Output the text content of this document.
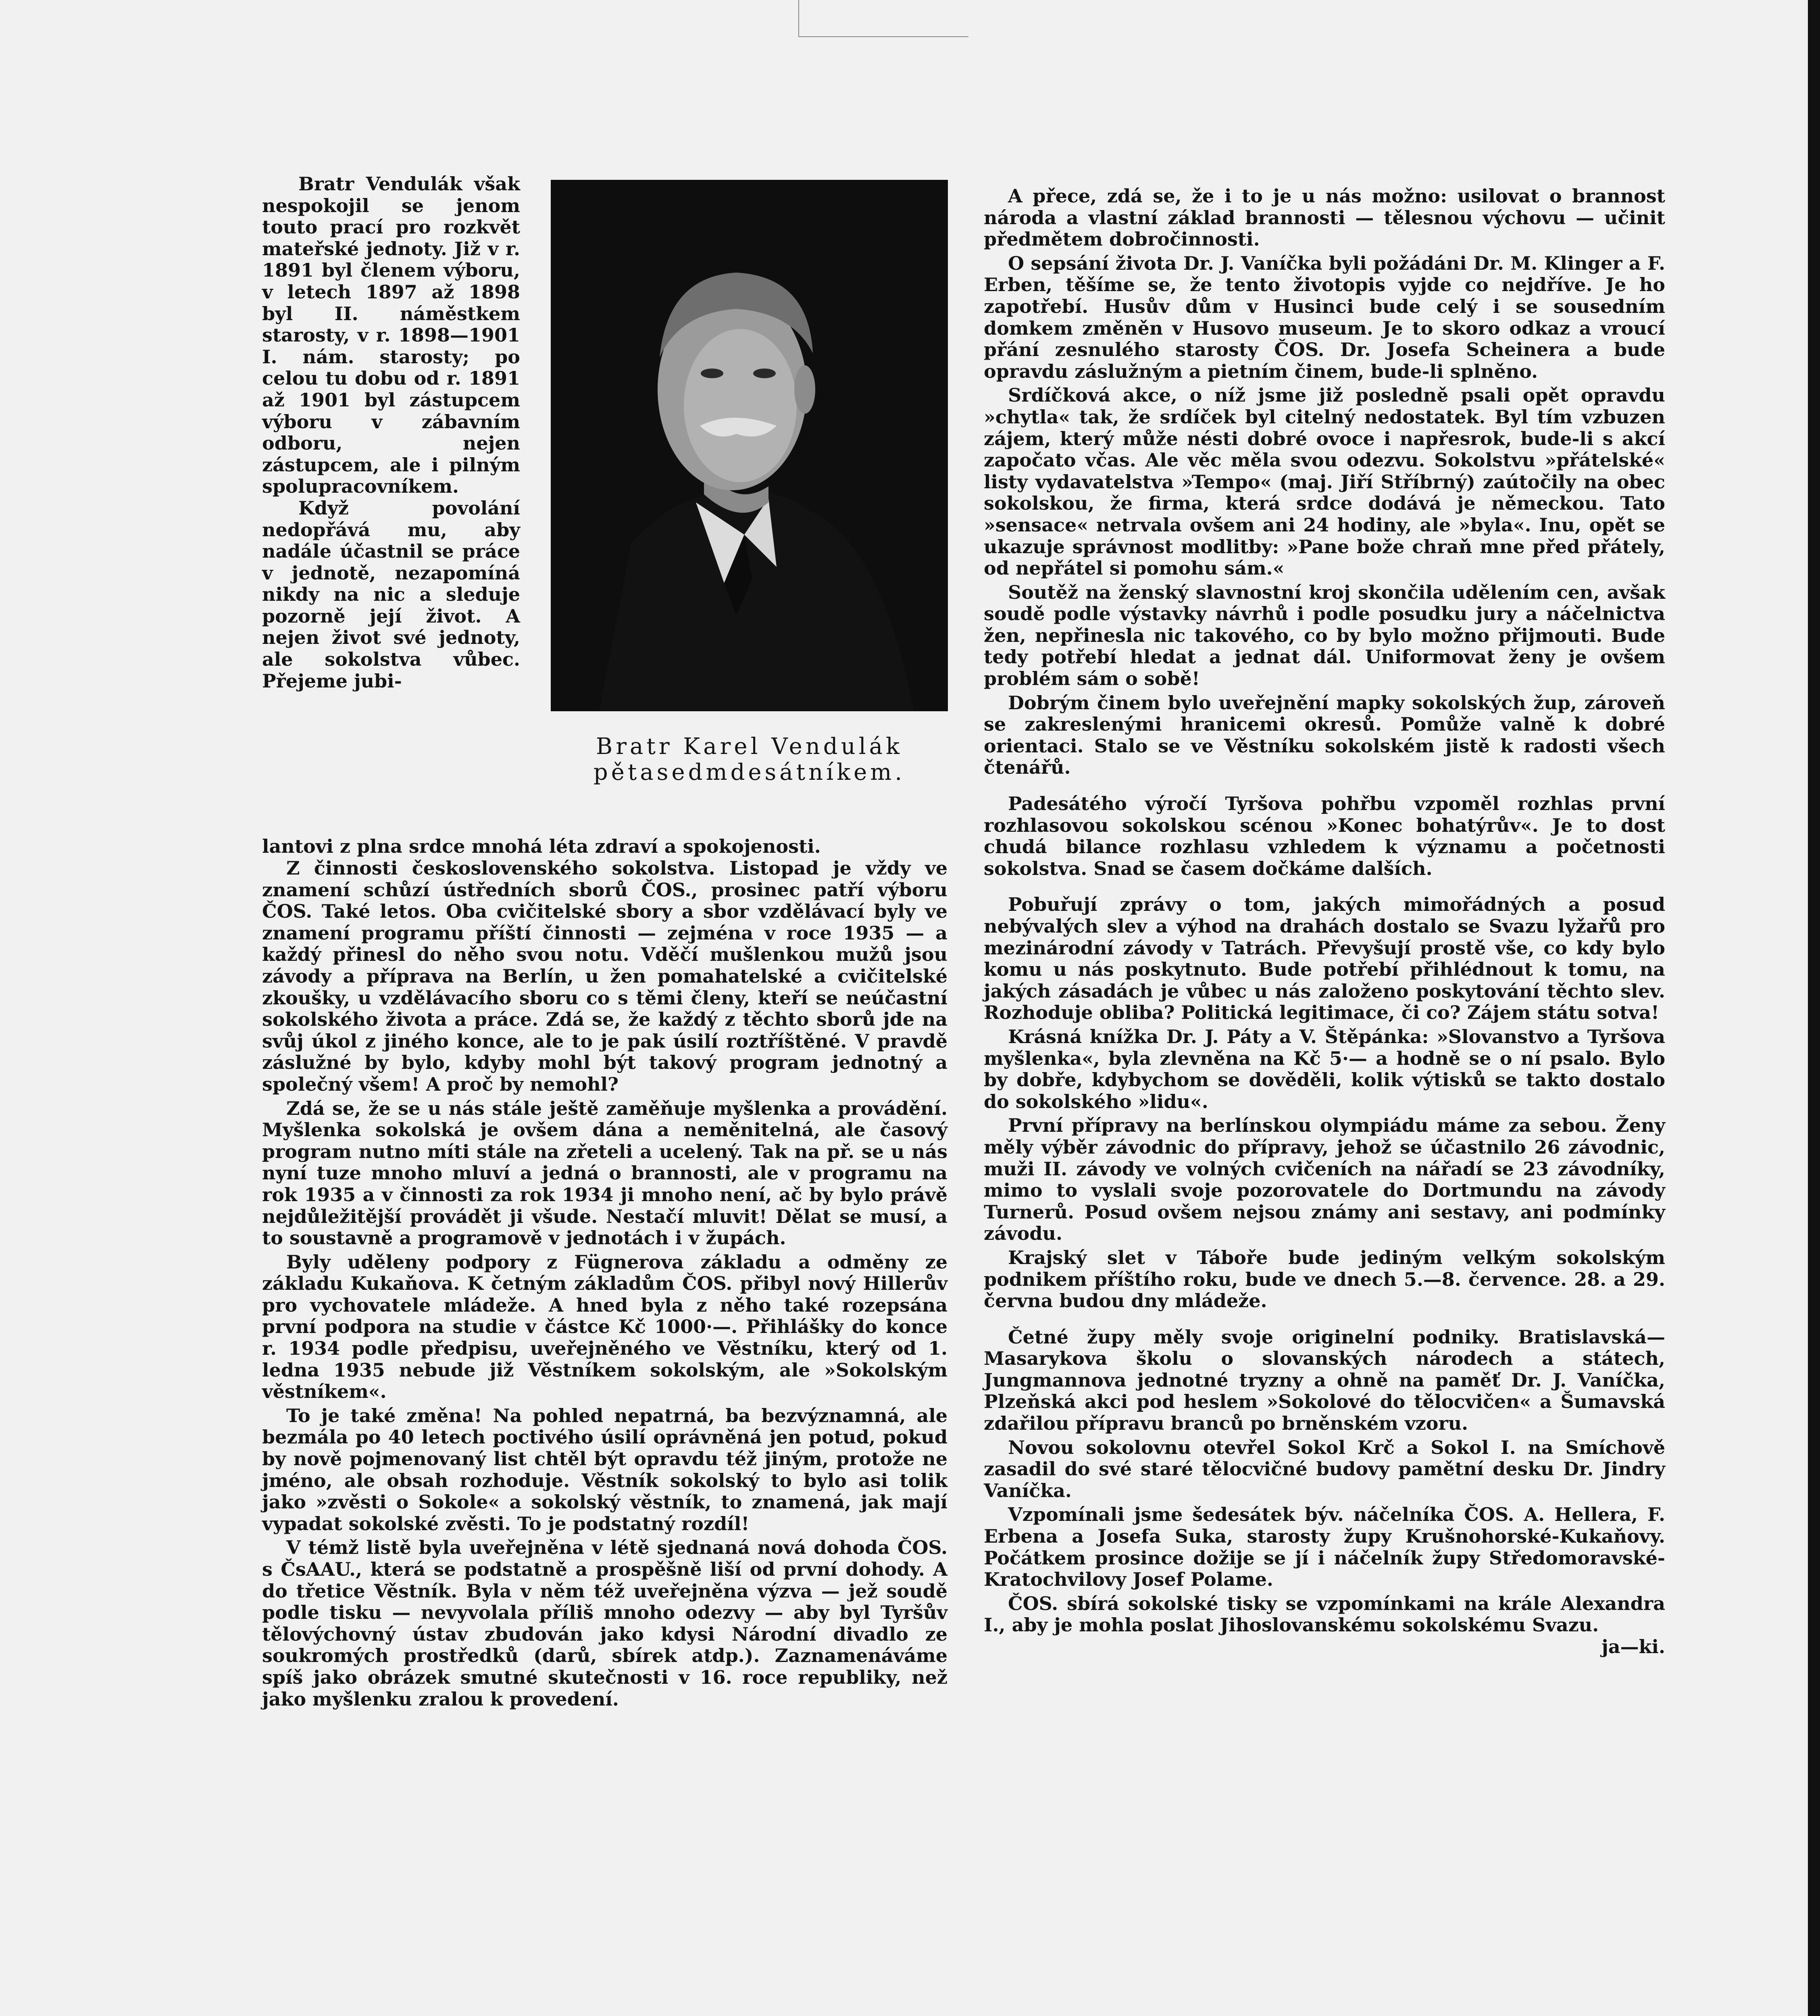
Bratr Karel Vendulák
pětasedmdesátníkem.

Bratr Vendulák však nespokojil se jenom touto prací pro rozkvět mateřské jednoty. Již v r. 1891 byl členem výboru, v letech 1897 až 1898 byl II. náměstkem starosty, v r. 1898—1901 I. nám. starosty; po celou tu dobu od r. 1891 až 1901 byl zástupcem výboru v zábavním odboru, nejen zástupcem, ale i pilným spolupracovníkem.

Když povolání nedopřává mu, aby nadále účastnil se práce v jednotě, nezapomíná nikdy na nic a sleduje pozorně její život. A nejen život své jednoty, ale sokolstva vůbec. Přejeme jubi-

lantovi z plna srdce mnohá léta zdraví a spokojenosti.

Z činnosti československého sokolstva. Listopad je vždy ve znamení schůzí ústředních sborů ČOS., prosinec patří výboru ČOS. Také letos. Oba cvičitelské sbory a sbor vzdělávací byly ve znamení programu příští činnosti — zejména v roce 1935 — a každý přinesl do něho svou notu. Vděčí mušlenkou mužů jsou závody a příprava na Berlín, u žen pomahatelské a cvičitelské zkoušky, u vzdělávacího sboru co s těmi členy, kteří se neúčastní sokolského života a práce. Zdá se, že každý z těchto sborů jde na svůj úkol z jiného konce, ale to je pak úsilí roztříštěné. V pravdě záslužné by bylo, kdyby mohl být takový program jednotný a společný všem! A proč by nemohl?

Zdá se, že se u nás stále ještě zaměňuje myšlenka a provádění. Myšlenka sokolská je ovšem dána a neměnitelná, ale časový program nutno míti stále na zřeteli a ucelený. Tak na př. se u nás nyní tuze mnoho mluví a jedná o brannosti, ale v programu na rok 1935 a v činnosti za rok 1934 ji mnoho není, ač by bylo právě nejdůležitější provádět ji všude. Nestačí mluvit! Dělat se musí, a to soustavně a programově v jednotách i v župách.

Byly uděleny podpory z Fügnerova základu a odměny ze základu Kukaňova. K četným základům ČOS. přibyl nový Hillerův pro vychovatele mládeže. A hned byla z něho také rozepsána první podpora na studie v částce Kč 1000·—. Přihlášky do konce r. 1934 podle předpisu, uveřejněného ve Věstníku, který od 1. ledna 1935 nebude již Věstníkem sokolským, ale »Sokolským věstníkem«.

To je také změna! Na pohled nepatrná, ba bezvýznamná, ale bezmála po 40 letech poctivého úsilí oprávněná jen potud, pokud by nově pojmenovaný list chtěl být opravdu též jiným, protože ne jméno, ale obsah rozhoduje. Věstník sokolský to bylo asi tolik jako »zvěsti o Sokole« a sokolský věstník, to znamená, jak mají vypadat sokolské zvěsti. To je podstatný rozdíl!

V témž listě byla uveřejněna v létě sjednaná nová dohoda ČOS. s ČsAAU., která se podstatně a prospěšně liší od první dohody. A do třetice Věstník. Byla v něm též uveřejněna výzva — jež soudě podle tisku — nevyvolala příliš mnoho odezvy — aby byl Tyršův tělovýchovný ústav zbudován jako kdysi Národní divadlo ze soukromých prostředků (darů, sbírek atdp.). Zaznamenáváme spíš jako obrázek smutné skutečnosti v 16. roce republiky, než jako myšlenku zralou k provedení.

A přece, zdá se, že i to je u nás možno: usilovat o brannost národa a vlastní základ brannosti — tělesnou výchovu — učinit předmětem dobročinnosti.

O sepsání života Dr. J. Vaníčka byli požádáni Dr. M. Klinger a F. Erben, těšíme se, že tento životopis vyjde co nejdříve. Je ho zapotřebí. Husův dům v Husinci bude celý i se sousedním domkem změněn v Husovo museum. Je to skoro odkaz a vroucí přání zesnulého starosty ČOS. Dr. Josefa Scheinera a bude opravdu záslužným a pietním činem, bude-li splněno.

Srdíčková akce, o níž jsme již posledně psali opět opravdu »chytla« tak, že srdíček byl citelný nedostatek. Byl tím vzbuzen zájem, který může nésti dobré ovoce i napřesrok, bude-li s akcí započato včas. Ale věc měla svou odezvu. Sokolstvu »přátelské« listy vydavatelstva »Tempo« (maj. Jiří Stříbrný) zaútočily na obec sokolskou, že firma, která srdce dodává je německou. Tato »sensace« netrvala ovšem ani 24 hodiny, ale »byla«. Inu, opět se ukazuje správnost modlitby: »Pane bože chraň mne před přátely, od nepřátel si pomohu sám.«

Soutěž na ženský slavnostní kroj skončila udělením cen, avšak soudě podle výstavky návrhů i podle posudku jury a náčelnictva žen, nepřinesla nic takového, co by bylo možno přijmouti. Bude tedy potřebí hledat a jednat dál. Uniformovat ženy je ovšem problém sám o sobě!

Dobrým činem bylo uveřejnění mapky sokolských žup, zároveň se zakreslenými hranicemi okresů. Pomůže valně k dobré orientaci. Stalo se ve Věstníku sokolském jistě k radosti všech čtenářů.

Padesátého výročí Tyršova pohřbu vzpoměl rozhlas první rozhlasovou sokolskou scénou »Konec bohatýrův«. Je to dost chudá bilance rozhlasu vzhledem k významu a početnosti sokolstva. Snad se časem dočkáme dalších.

Pobuřují zprávy o tom, jakých mimořádných a posud nebývalých slev a výhod na drahách dostalo se Svazu lyžařů pro mezinárodní závody v Tatrách. Převyšují prostě vše, co kdy bylo komu u nás poskytnuto. Bude potřebí přihlédnout k tomu, na jakých zásadách je vůbec u nás založeno poskytování těchto slev. Rozhoduje obliba? Politická legitimace, či co? Zájem státu sotva!

Krásná knížka Dr. J. Páty a V. Štěpánka: »Slovanstvo a Tyršova myšlenka«, byla zlevněna na Kč 5·— a hodně se o ní psalo. Bylo by dobře, kdybychom se dověděli, kolik výtisků se takto dostalo do sokolského »lidu«.

První přípravy na berlínskou olympiádu máme za sebou. Ženy měly výběr závodnic do přípravy, jehož se účastnilo 26 závodnic, muži II. závody ve volných cvičeních na nářadí se 23 závodníky, mimo to vyslali svoje pozorovatele do Dortmundu na závody Turnerů. Posud ovšem nejsou známy ani sestavy, ani podmínky závodu.

Krajský slet v Táboře bude jediným velkým sokolským podnikem příštího roku, bude ve dnech 5.—8. července. 28. a 29. června budou dny mládeže.

Četné župy měly svoje originelní podniky. Bratislavská—Masarykova školu o slovanských národech a státech, Jungmannova jednotné tryzny a ohně na paměť Dr. J. Vaníčka, Plzeňská akci pod heslem »Sokolové do tělocvičen« a Šumavská zdařilou přípravu branců po brněnském vzoru.

Novou sokolovnu otevřel Sokol Krč a Sokol I. na Smíchově zasadil do své staré tělocvičné budovy pamětní desku Dr. Jindry Vaníčka.

Vzpomínali jsme šedesátek býv. náčelníka ČOS. A. Hellera, F. Erbena a Josefa Suka, starosty župy Krušnohorské-Kukaňovy. Počátkem prosince dožije se jí i náčelník župy Středomoravské-Kratochvilovy Josef Polame.

ČOS. sbírá sokolské tisky se vzpomínkami na krále Alexandra I., aby je mohla poslat Jihoslovanskému sokolskému Svazu.
ja—ki.
